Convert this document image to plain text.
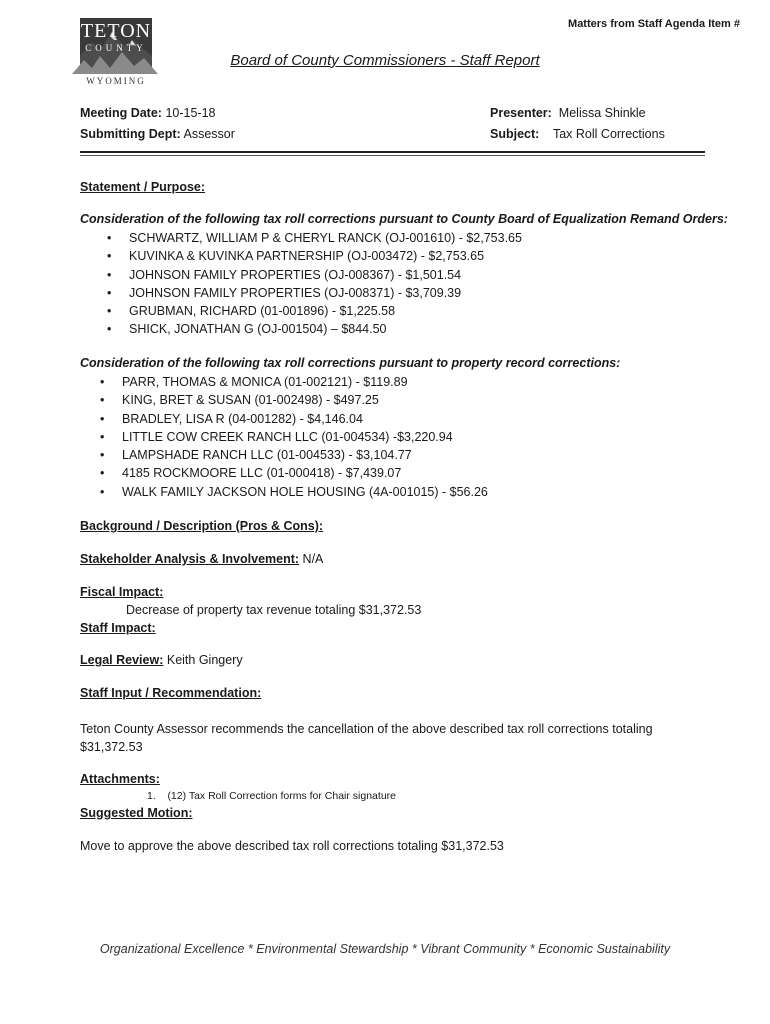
Matters from Staff Agenda Item #
TETON
COUNTY
WYOMING
Board of County Commissioners - Staff Report
Meeting Date: 10-15-18
Submitting Dept: Assessor
Presenter: Melissa Shinkle
Subject: Tax Roll Corrections
Statement / Purpose:
Consideration of the following tax roll corrections pursuant to County Board of Equalization Remand Orders:
• SCHWARTZ, WILLIAM P & CHERYL RANCK (OJ-001610) - $2,753.65
• KUVINKA & KUVINKA PARTNERSHIP (OJ-003472) - $2,753.65
• JOHNSON FAMILY PROPERTIES (OJ-008367) - $1,501.54
• JOHNSON FAMILY PROPERTIES (OJ-008371) - $3,709.39
• GRUBMAN, RICHARD (01-001896) - $1,225.58
• SHICK, JONATHAN G (OJ-001504) – $844.50
Consideration of the following tax roll corrections pursuant to property record corrections:
• PARR, THOMAS & MONICA (01-002121) - $119.89
• KING, BRET & SUSAN (01-002498) - $497.25
• BRADLEY, LISA R (04-001282) - $4,146.04
• LITTLE COW CREEK RANCH LLC (01-004534) -$3,220.94
• LAMPSHADE RANCH LLC (01-004533) - $3,104.77
• 4185 ROCKMOORE LLC (01-000418) - $7,439.07
• WALK FAMILY JACKSON HOLE HOUSING (4A-001015) - $56.26
Background / Description (Pros & Cons):
Stakeholder Analysis & Involvement: N/A
Fiscal Impact:
Decrease of property tax revenue totaling $31,372.53
Staff Impact:
Legal Review: Keith Gingery
Staff Input / Recommendation:
Teton County Assessor recommends the cancellation of the above described tax roll corrections totaling $31,372.53
Attachments:
1. (12) Tax Roll Correction forms for Chair signature
Suggested Motion:
Move to approve the above described tax roll corrections totaling $31,372.53
Organizational Excellence * Environmental Stewardship * Vibrant Community * Economic Sustainability
